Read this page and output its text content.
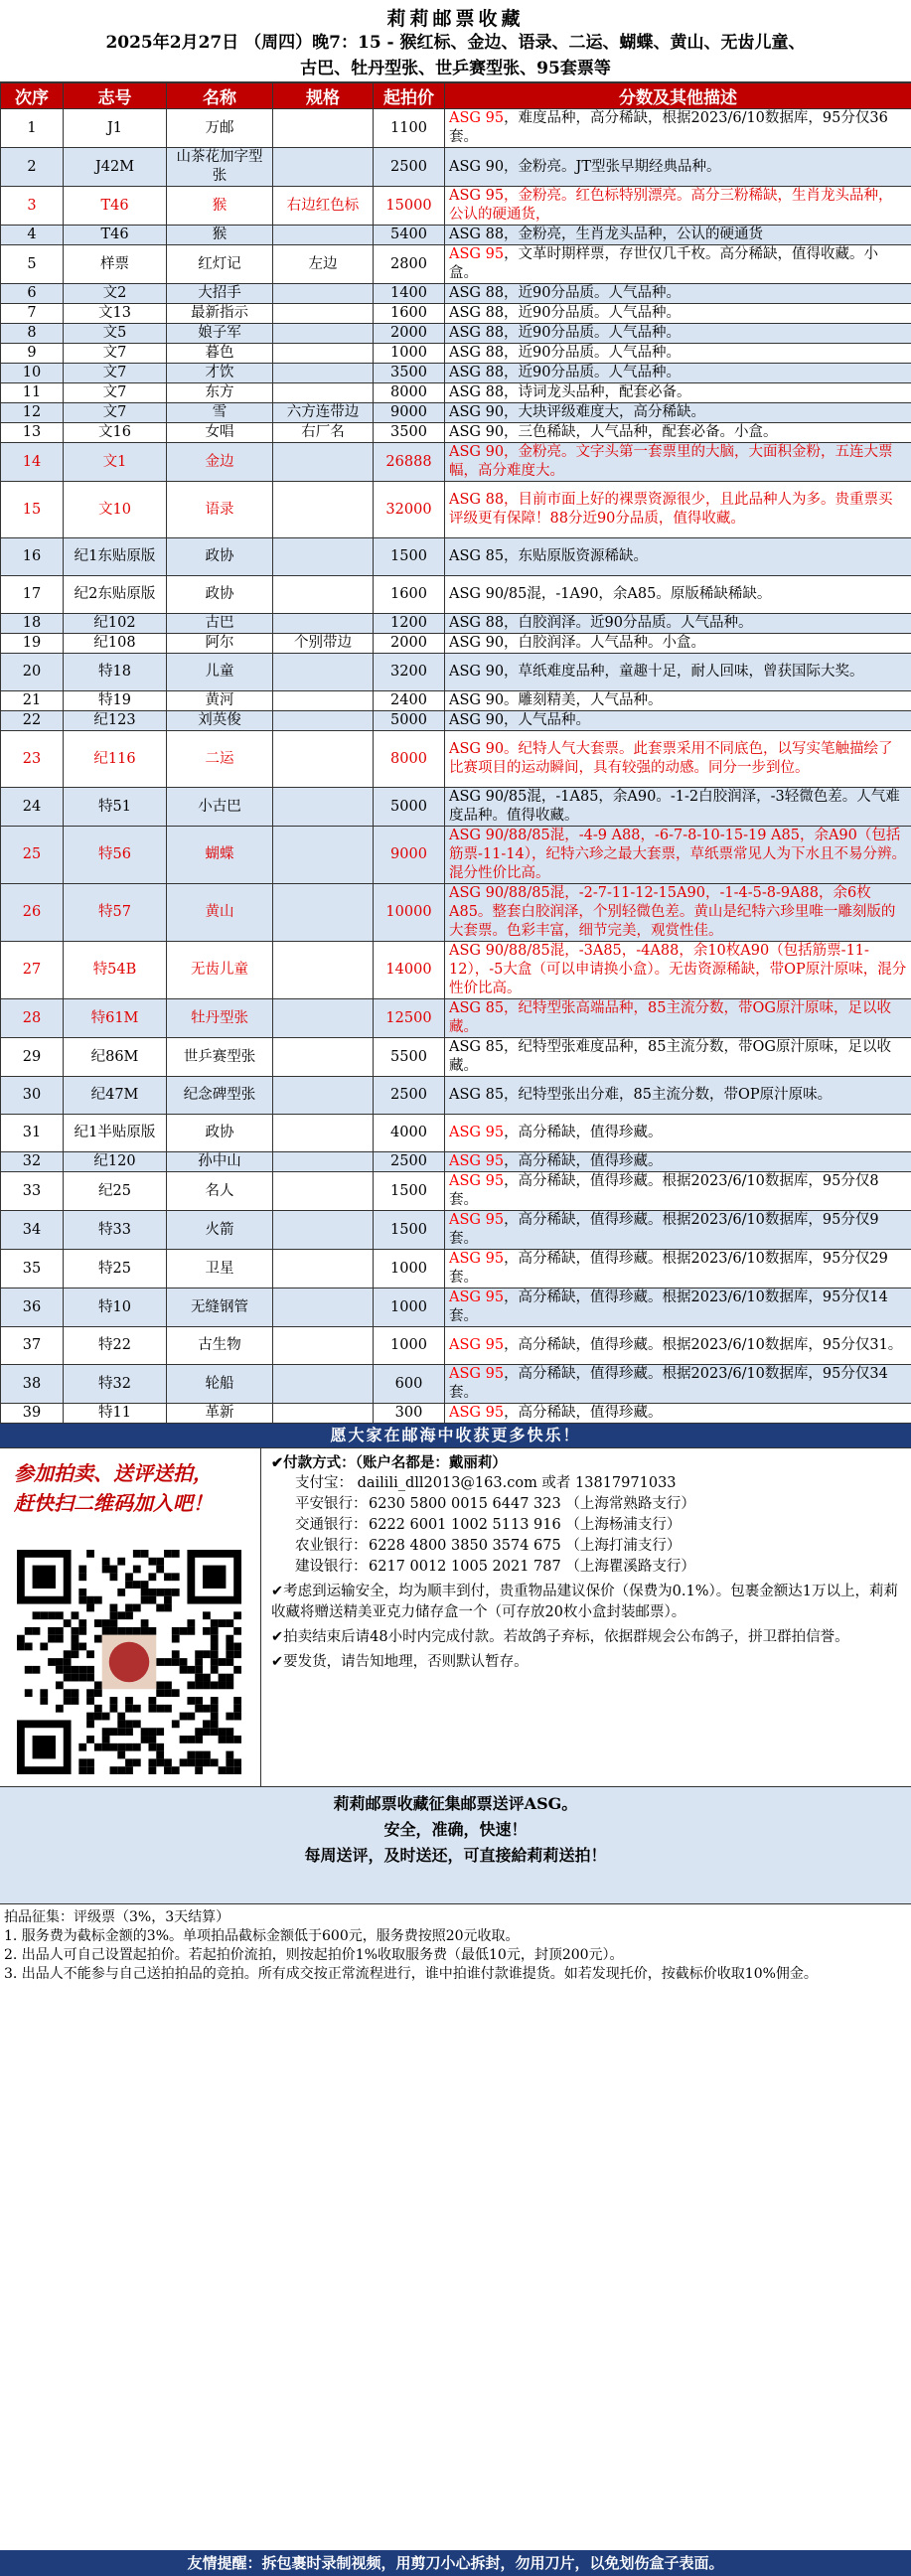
莉莉邮票收藏
2025年2月27日 （周四）晚7：15 - 猴红标、金边、语录、二运、蝴蝶、黄山、无齿儿童、
古巴、牡丹型张、世乒赛型张、95套票等
次序	志号	名称	规格	起拍价	分数及其他描述
1	J1	万邮		1100	ASG 95，难度品种，高分稀缺，根据2023/6/10数据库，95分仅36套。
2	J42M	山茶花加字型张		2500	ASG 90，金粉亮。JT型张早期经典品种。
3	T46	猴	右边红色标	15000	ASG 95，金粉亮。红色标特别漂亮。高分三粉稀缺，生肖龙头品种，公认的硬通货，
4	T46	猴		5400	ASG 88，金粉亮，生肖龙头品种，公认的硬通货
5	样票	红灯记	左边	2800	ASG 95，文革时期样票，存世仅几千枚。高分稀缺，值得收藏。小盒。
6	文2	大招手		1400	ASG 88，近90分品质。人气品种。
7	文13	最新指示		1600	ASG 88，近90分品质。人气品种。
8	文5	娘子军		2000	ASG 88，近90分品质。人气品种。
9	文7	暮色		1000	ASG 88，近90分品质。人气品种。
10	文7	才饮		3500	ASG 88，近90分品质。人气品种。
11	文7	东方		8000	ASG 88，诗词龙头品种，配套必备。
12	文7	雪	六方连带边	9000	ASG 90，大块评级难度大，高分稀缺。
13	文16	女唱	右厂名	3500	ASG 90，三色稀缺，人气品种，配套必备。小盒。
14	文1	金边		26888	ASG 90，金粉亮。文字头第一套票里的大脑，大面积金粉，五连大票幅，高分难度大。
15	文10	语录		32000	ASG 88，目前市面上好的裸票资源很少，且此品种人为多。贵重票买评级更有保障！88分近90分品质，值得收藏。
16	纪1东贴原版	政协		1500	ASG 85，东贴原版资源稀缺。
17	纪2东贴原版	政协		1600	ASG 90/85混，-1A90，余A85。原版稀缺稀缺。
18	纪102	古巴		1200	ASG 88，白胶润泽。近90分品质。人气品种。
19	纪108	阿尔	个别带边	2000	ASG 90，白胶润泽。人气品种。小盒。
20	特18	儿童		3200	ASG 90，草纸难度品种，童趣十足，耐人回味，曾获国际大奖。
21	特19	黄河		2400	ASG 90。雕刻精美，人气品种。
22	纪123	刘英俊		5000	ASG 90，人气品种。
23	纪116	二运		8000	ASG 90。纪特人气大套票。此套票采用不同底色，以写实笔触描绘了比赛项目的运动瞬间，具有较强的动感。同分一步到位。
24	特51	小古巴		5000	ASG 90/85混，-1A85，余A90。-1-2白胶润泽，-3轻微色差。人气难度品种。值得收藏。
25	特56	蝴蝶		9000	ASG 90/88/85混，-4-9 A88，-6-7-8-10-15-19 A85，余A90（包括筋票-11-14），纪特六珍之最大套票，草纸票常见人为下水且不易分辨。混分性价比高。
26	特57	黄山		10000	ASG 90/88/85混，-2-7-11-12-15A90，-1-4-5-8-9A88，余6枚A85。整套白胶润泽，个别轻微色差。黄山是纪特六珍里唯一雕刻版的大套票。色彩丰富，细节完美，观赏性佳。
27	特54B	无齿儿童		14000	ASG 90/88/85混，-3A85，-4A88，余10枚A90（包括筋票-11-12），-5大盒（可以申请换小盒）。无齿资源稀缺，带OP原汁原味，混分性价比高。
28	特61M	牡丹型张		12500	ASG 85，纪特型张高端品种，85主流分数，带OG原汁原味，足以收藏。
29	纪86M	世乒赛型张		5500	ASG 85，纪特型张难度品种，85主流分数，带OG原汁原味，足以收藏。
30	纪47M	纪念碑型张		2500	ASG 85，纪特型张出分难，85主流分数，带OP原汁原味。
31	纪1半贴原版	政协		4000	ASG 95，高分稀缺，值得珍藏。
32	纪120	孙中山		2500	ASG 95，高分稀缺，值得珍藏。
33	纪25	名人		1500	ASG 95，高分稀缺，值得珍藏。根据2023/6/10数据库，95分仅8套。
34	特33	火箭		1500	ASG 95，高分稀缺，值得珍藏。根据2023/6/10数据库，95分仅9套。
35	特25	卫星		1000	ASG 95，高分稀缺，值得珍藏。根据2023/6/10数据库，95分仅29套。
36	特10	无缝钢管		1000	ASG 95，高分稀缺，值得珍藏。根据2023/6/10数据库，95分仅14套。
37	特22	古生物		1000	ASG 95，高分稀缺，值得珍藏。根据2023/6/10数据库，95分仅31。
38	特32	轮船		600	ASG 95，高分稀缺，值得珍藏。根据2023/6/10数据库，95分仅34套。
39	特11	革新		300	ASG 95，高分稀缺，值得珍藏。
愿大家在邮海中收获更多快乐！
参加拍卖、送评送拍，
赶快扫二维码加入吧！
✔付款方式：（账户名都是：戴丽莉）
支付宝： dailili_dll2013@163.com 或者 13817971033
平安银行： 6230 5800 0015 6447 323 （上海常熟路支行）
交通银行： 6222 6001 1002 5113 916 （上海杨浦支行）
农业银行： 6228 4800 3850 3574 675 （上海打浦支行）
建设银行： 6217 0012 1005 2021 787 （上海瞿溪路支行）
✔考虑到运输安全，均为顺丰到付，贵重物品建议保价（保费为0.1%）。包裹金额达1万以上，莉莉收藏将赠送精美亚克力储存盒一个（可存放20枚小盒封装邮票）。
✔拍卖结束后请48小时内完成付款。若故鸽子弃标，依据群规会公布鸽子，拼卫群拍信誉。
✔要发货，请告知地理，否则默认暂存。
莉莉邮票收藏征集邮票送评ASG。
安全，准确，快速！
每周送评，及时送还，可直接給莉莉送拍！
拍品征集：评级票（3%，3天结算）
1. 服务费为截标金额的3%。单项拍品截标金额低于600元，服务费按照20元收取。
2. 出品人可自己设置起拍价。若起拍价流拍，则按起拍价1%收取服务费（最低10元，封顶200元）。
3. 出品人不能参与自己送拍拍品的竞拍。所有成交按正常流程进行，谁中拍谁付款谁提货。如若发现托价，按截标价收取10%佣金。
友情提醒：拆包裹时录制视频，用剪刀小心拆封，勿用刀片，以免划伤盒子表面。
